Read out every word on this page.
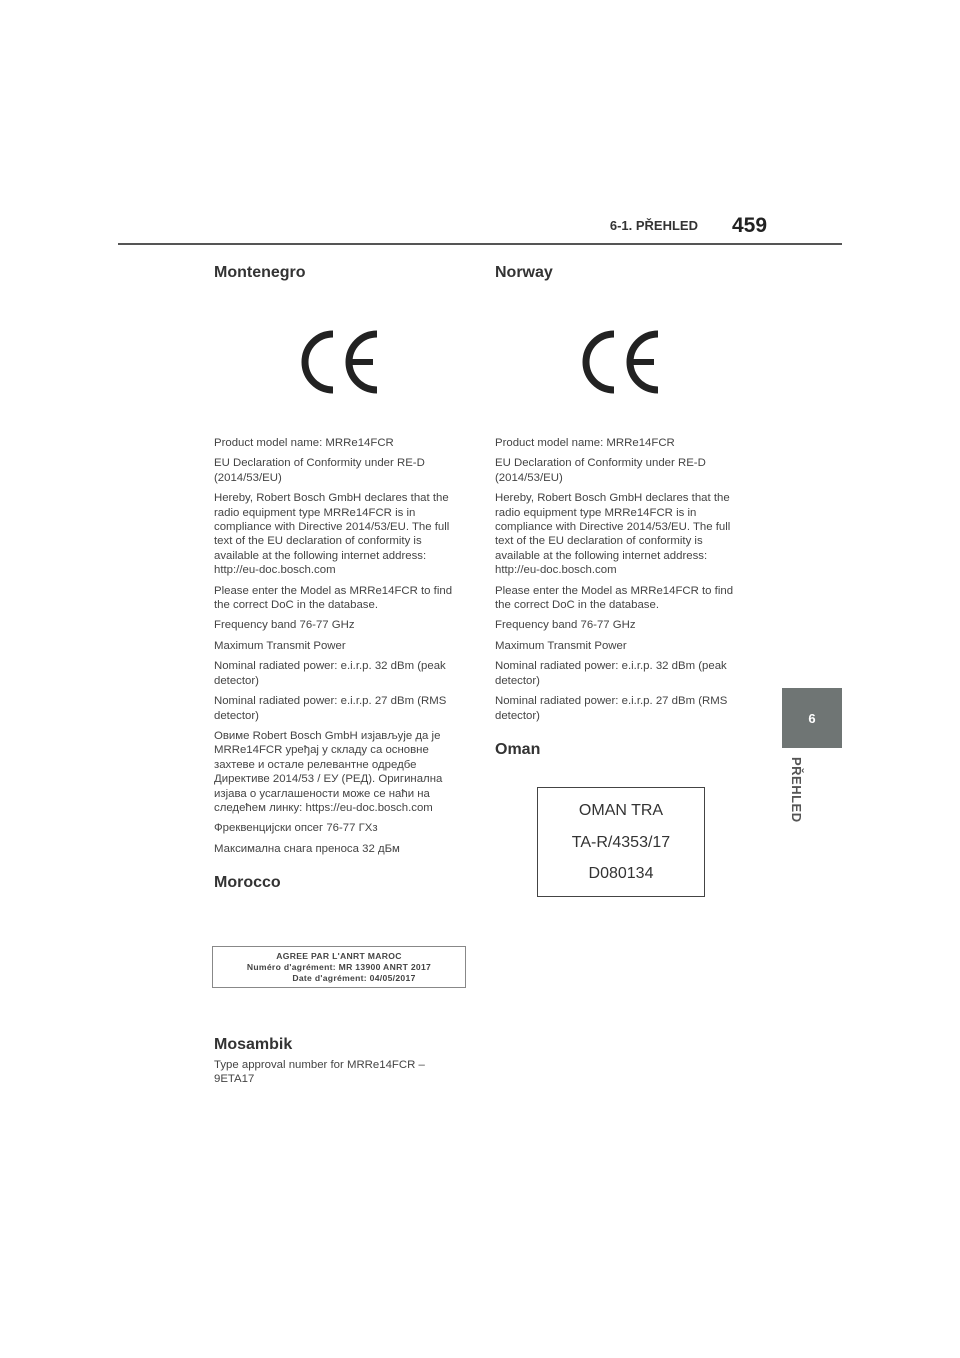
6-1. PŘEHLED 459
6
PŘEHLED
Montenegro

Product model name: MRRe14FCR

EU Declaration of Conformity under RE-D (2014/53/EU)

Hereby, Robert Bosch GmbH declares that the radio equipment type MRRe14FCR is in compliance with Directive 2014/53/EU. The full text of the EU declaration of conformity is available at the following internet address: http://eu-doc.bosch.com

Please enter the Model as MRRe14FCR to find the correct DoC in the database.

Frequency band 76-77 GHz

Maximum Transmit Power

Nominal radiated power: e.i.r.p. 32 dBm (peak detector)

Nominal radiated power: e.i.r.p. 27 dBm (RMS detector)

Овиме Robert Bosch GmbH изјављује да је MRRe14FCR уређај у складу са основне захтеве и остале релевантне одредбе Директиве 2014/53 / ЕУ (РЕД). Оригинална изјава о усаглашености може се наћи на следећем линку: https://eu-doc.bosch.com

Фреквенцијски опсег 76-77 ГХз

Максимална снага преноса 32 дБм

Morocco
AGREE PAR L'ANRT MAROC
Numéro d'agrément: MR 13900 ANRT 2017
Date d'agrément: 04/05/2017
Mosambik

Type approval number for MRRe14FCR – 9ETA17

Norway

Product model name: MRRe14FCR

EU Declaration of Conformity under RE-D (2014/53/EU)

Hereby, Robert Bosch GmbH declares that the radio equipment type MRRe14FCR is in compliance with Directive 2014/53/EU. The full text of the EU declaration of conformity is available at the following internet address: http://eu-doc.bosch.com

Please enter the Model as MRRe14FCR to find the correct DoC in the database.

Frequency band 76-77 GHz

Maximum Transmit Power

Nominal radiated power: e.i.r.p. 32 dBm (peak detector)

Nominal radiated power: e.i.r.p. 27 dBm (RMS detector)

Oman
OMAN TRA
TA-R/4353/17
D080134
